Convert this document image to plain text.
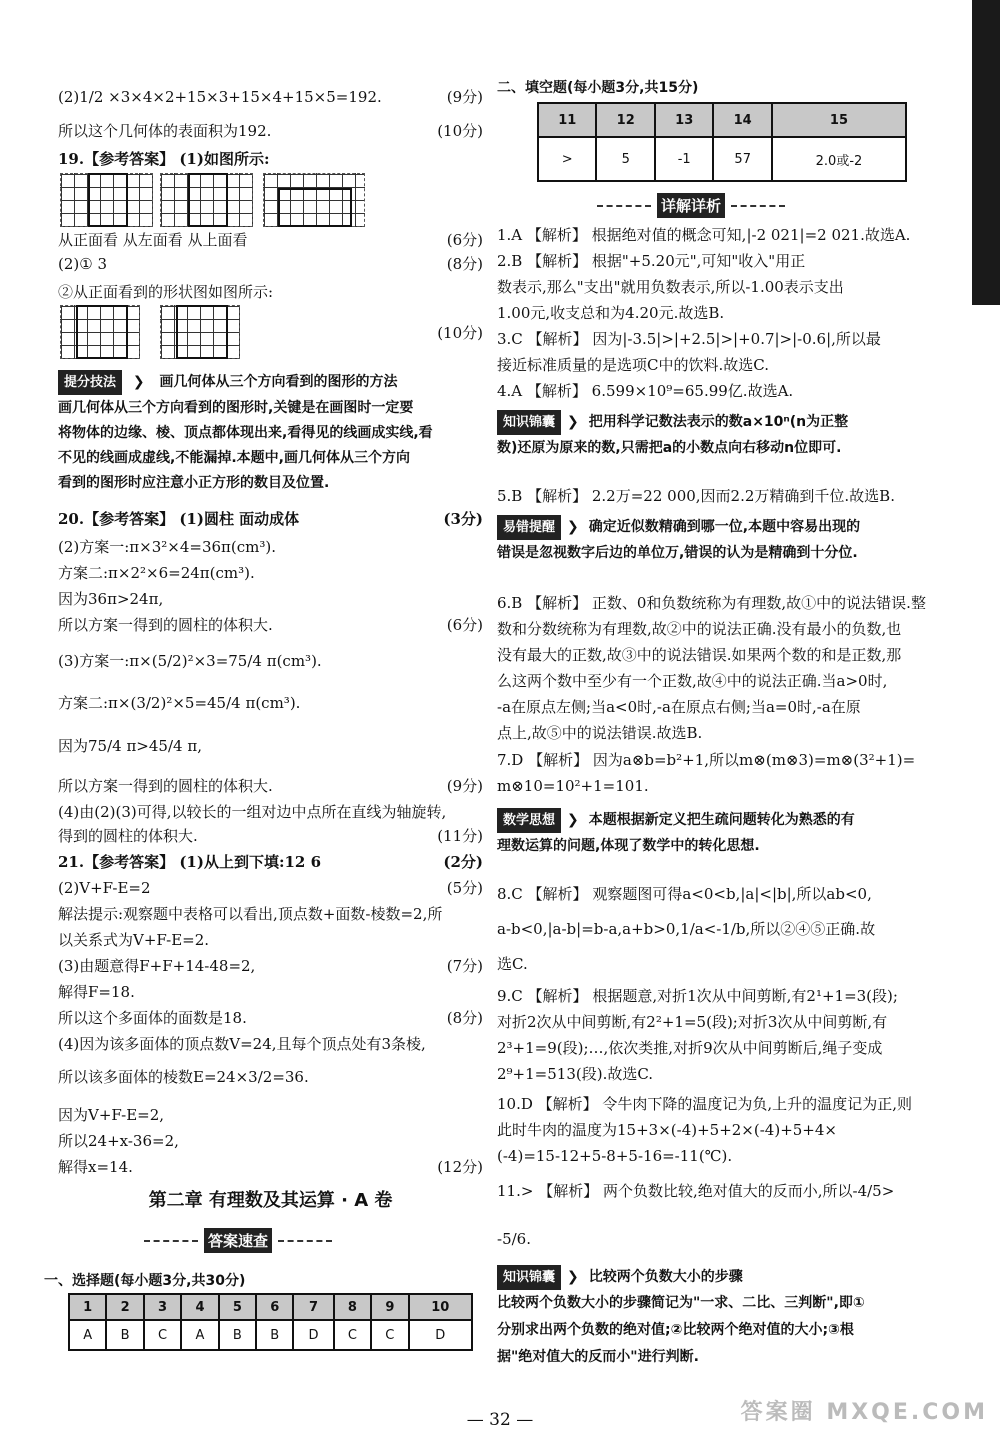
(2)1/2 ×3×4×2+15×3+15×4+15×5=192.	(9分)
所以这个几何体的表面积为192.	(10分)
19.【参考答案】 (1)如图所示:
从正面看 从左面看 从上面看	(6分)
(2)① 3	(8分)
②从正面看到的形状图如图所示:
(10分)
20.【参考答案】 (1)圆柱 面动成体	(3分)
(2)方案一:π×3²×4=36π(cm³).
方案二:π×2²×6=24π(cm³).
因为36π>24π,
所以方案一得到的圆柱的体积大.	(6分)
(3)方案一:π×(5/2)²×3=75/4 π(cm³).
方案二:π×(3/2)²×5=45/4 π(cm³).
因为75/4 π>45/4 π,
所以方案一得到的圆柱的体积大.	(9分)
(4)由(2)(3)可得,以较长的一组对边中点所在直线为轴旋转,
得到的圆柱的体积大.	(11分)
21.【参考答案】 (1)从上到下填:12 6	(2分)
(2)V+F-E=2	(5分)
解法提示:观察题中表格可以看出,顶点数+面数-棱数=2,所
以关系式为V+F-E=2.
(3)由题意得F+F+14-48=2,	(7分)
解得F=18.
所以这个多面体的面数是18.	(8分)
(4)因为该多面体的顶点数V=24,且每个顶点处有3条棱,
所以该多面体的棱数E=24×3/2=36.
因为V+F-E=2,
所以24+x-36=2,
解得x=14.	(12分)
提分技法 ❯ 画几何体从三个方向看到的图形的方法
画几何体从三个方向看到的图形时,关键是在画图时一定要
将物体的边缘、棱、顶点都体现出来,看得见的线画成实线,看
不见的线画成虚线,不能漏掉.本题中,画几何体从三个方向
看到的图形时应注意小正方形的数目及位置.
第二章 有理数及其运算 · A 卷
答案速查
一、选择题(每小题3分,共30分)
1	2	3	4	5	6	7	8	9	10
A	B	C	A	B	B	D	C	C	D
二、填空题(每小题3分,共15分)
11	12	13	14	15
>	5	-1	57	2.0或-2
详解详析
1.A 【解析】 根据绝对值的概念可知,|-2 021|=2 021.故选A.
2.B 【解析】 根据"+5.20元",可知"收入"用正
数表示,那么"支出"就用负数表示,所以-1.00表示支出
1.00元,收支总和为4.20元.故选B.
3.C 【解析】 因为|-3.5|>|+2.5|>|+0.7|>|-0.6|,所以最
接近标准质量的是选项C中的饮料.故选C.
4.A 【解析】 6.599×10⁹=65.99亿.故选A.
5.B 【解析】 2.2万=22 000,因而2.2万精确到千位.故选B.
6.B 【解析】 正数、0和负数统称为有理数,故①中的说法错误.整
数和分数统称为有理数,故②中的说法正确.没有最小的负数,也
没有最大的正数,故③中的说法错误.如果两个数的和是正数,那
么这两个数中至少有一个正数,故④中的说法正确.当a>0时,
-a在原点左侧;当a<0时,-a在原点右侧;当a=0时,-a在原
点上,故⑤中的说法错误.故选B.
7.D 【解析】 因为a⊗b=b²+1,所以m⊗(m⊗3)=m⊗(3²+1)=
m⊗10=10²+1=101.
8.C 【解析】 观察题图可得a<0<b,|a|<|b|,所以ab<0,
a-b<0,|a-b|=b-a,a+b>0,1/a<-1/b,所以②④⑤正确.故
选C.
9.C 【解析】 根据题意,对折1次从中间剪断,有2¹+1=3(段);
对折2次从中间剪断,有2²+1=5(段);对折3次从中间剪断,有
2³+1=9(段);…,依次类推,对折9次从中间剪断后,绳子变成
2⁹+1=513(段).故选C.
10.D 【解析】 令牛肉下降的温度记为负,上升的温度记为正,则
此时牛肉的温度为15+3×(-4)+5+2×(-4)+5+4×
(-4)=15-12+5-8+5-16=-11(℃).
11.> 【解析】 两个负数比较,绝对值大的反而小,所以-4/5>
-5/6.
知识锦囊 ❯ 把用科学记数法表示的数a×10ⁿ(n为正整
数)还原为原来的数,只需把a的小数点向右移动n位即可.
易错提醒 ❯ 确定近似数精确到哪一位,本题中容易出现的
错误是忽视数字后边的单位万,错误的认为是精确到十分位.
数学思想 ❯ 本题根据新定义把生疏问题转化为熟悉的有
理数运算的问题,体现了数学中的转化思想.
知识锦囊 ❯ 比较两个负数大小的步骤
比较两个负数大小的步骤简记为"一求、二比、三判断",即①
分别求出两个负数的绝对值;②比较两个绝对值的大小;③根
据"绝对值大的反而小"进行判断.
— 32 —	答案圈 MXQE.COM
